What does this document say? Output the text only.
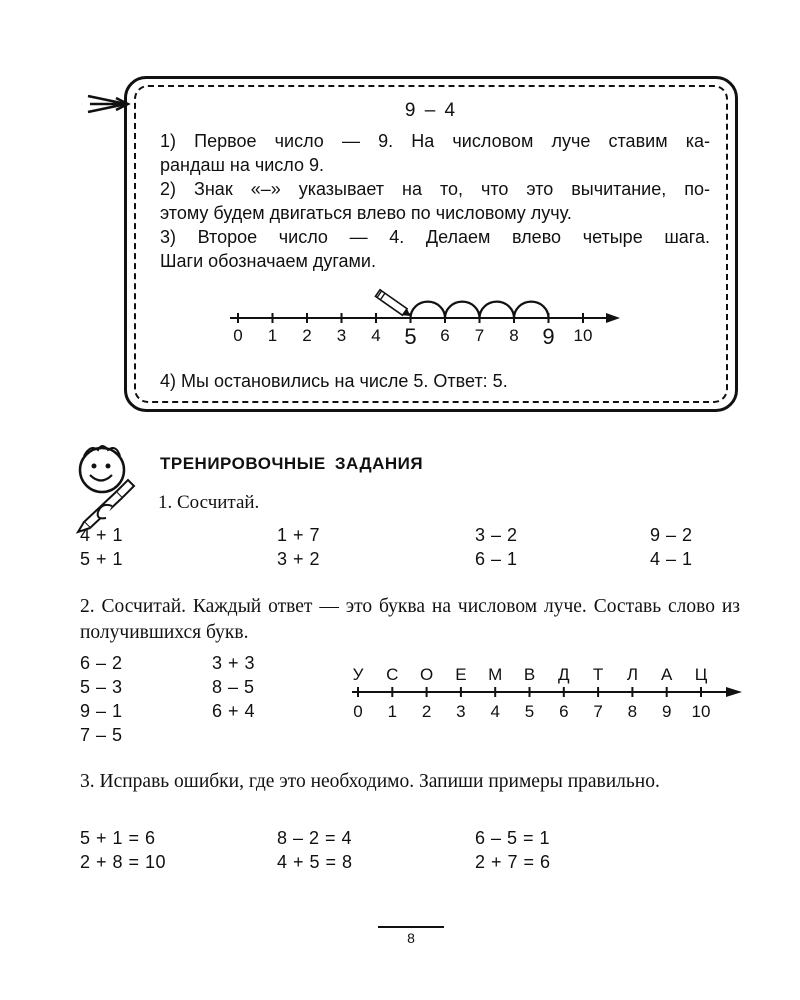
9 – 4
1) Первое число — 9. На числовом луче ставим ка-
рандаш на число 9.
2) Знак «–» указывает на то, что это вычитание, по-
этому будем двигаться влево по числовому лучу.
3) Второе число — 4. Делаем влево четыре шага.
Шаги обозначаем дугами.
0 1 2 3 4 5 6 7 8 9 10
4) Мы остановились на числе 5. Ответ: 5.
ТРЕНИРОВОЧНЫЕ ЗАДАНИЯ
1. Сосчитай.
4 + 1
5 + 1
1 + 7
3 + 2
3 – 2
6 – 1
9 – 2
4 – 1
2. Сосчитай. Каждый ответ — это буква на числовом луче. Составь слово из получившихся букв.
6 – 2
5 – 3
9 – 1
7 – 5
3 + 3
8 – 5
6 + 4	0
У
1
С
2
О
3
Е
4
М
5
В
6
Д
7
Т
8
Л
9
А
10
Ц
3. Исправь ошибки, где это необходимо. Запиши примеры правильно.
5 + 1 = 6
2 + 8 = 10
8 – 2 = 4
4 + 5 = 8
6 – 5 = 1
2 + 7 = 6
8
